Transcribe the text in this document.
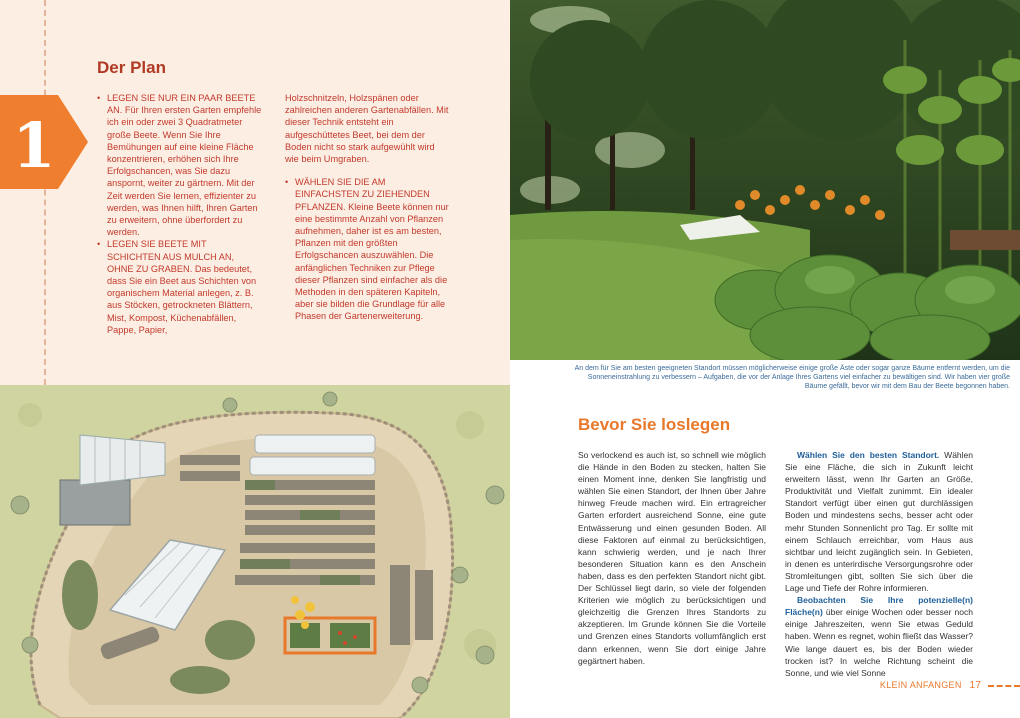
1
Der Plan

• LEGEN SIE NUR EIN PAAR BEETE AN. Für Ihren ersten Garten empfehle ich ein oder zwei 3 Quadratmeter große Beete. Wenn Sie Ihre Bemühungen auf eine kleine Fläche konzentrieren, erhöhen sich Ihre Erfolgschancen, was Sie dazu anspornt, weiter zu gärtnern. Mit der Zeit werden Sie lernen, effizienter zu werden, was Ihnen hilft, Ihren Garten zu erweitern, ohne überfordert zu werden.

• LEGEN SIE BEETE MIT SCHICHTEN AUS MULCH AN, OHNE ZU GRABEN. Das bedeutet, dass Sie ein Beet aus Schichten von organischem Material anlegen, z. B. aus Stöcken, getrockneten Blättern, Mist, Kompost, Küchenabfällen, Pappe, Papier,

Holzschnitzeln, Holzspänen oder zahlreichen anderen Gartenabfällen. Mit dieser Technik entsteht ein aufgeschüttetes Beet, bei dem der Boden nicht so stark aufgewühlt wird wie beim Umgraben.

• WÄHLEN SIE DIE AM EINFACHSTEN ZU ZIEHENDEN PFLANZEN. Kleine Beete können nur eine bestimmte Anzahl von Pflanzen aufnehmen, daher ist es am besten, Pflanzen mit den größten Erfolgschancen auszuwählen. Die anfänglichen Techniken zur Pflege dieser Pflanzen sind einfacher als die Methoden in den späteren Kapiteln, aber sie bilden die Grundlage für alle Phasen der Gartenerweiterung.

An dem für Sie am besten geeigneten Standort müssen möglicherweise einige große Äste oder sogar ganze Bäume entfernt werden, um die Sonneneinstrahlung zu verbessern – Aufgaben, die vor der Anlage Ihres Gartens viel einfacher zu bewältigen sind. Wir haben vier große Bäume gefällt, bevor wir mit dem Bau der Beete begonnen haben.
Bevor Sie loslegen

So verlockend es auch ist, so schnell wie möglich die Hände in den Boden zu stecken, halten Sie einen Moment inne, denken Sie langfristig und wählen Sie einen Standort, der Ihnen über Jahre hinweg Freude machen wird. Ein ertragreicher Garten erfordert ausreichend Sonne, eine gute Entwässerung und einen gesunden Boden. All diese Faktoren auf einmal zu berücksichtigen, kann schwierig werden, und je nach Ihrer besonderen Situation kann es den Anschein haben, dass es den perfekten Standort nicht gibt. Der Schlüssel liegt darin, so viele der folgenden Kriterien wie möglich zu berücksichtigen und gleichzeitig die Grenzen Ihres Standorts zu akzeptieren. Im Grunde können Sie die Vorteile und Grenzen eines Standorts vollumfänglich erst dann erkennen, wenn Sie dort einige Jahre gegärtnert haben.

Wählen Sie den besten Standort. Wählen Sie eine Fläche, die sich in Zukunft leicht erweitern lässt, wenn Ihr Garten an Größe, Produktivität und Vielfalt zunimmt. Ein idealer Standort verfügt über einen gut durchlässigen Boden und mindestens sechs, besser acht oder mehr Stunden Sonnenlicht pro Tag. Er sollte mit einem Schlauch erreichbar, vom Haus aus sichtbar und leicht zugänglich sein. In Gebieten, in denen es unterirdische Versorgungsrohre oder Stromleitungen gibt, sollten Sie sich über die Lage und Tiefe der Rohre informieren.

Beobachten Sie Ihre potenzielle(n) Fläche(n) über einige Wochen oder besser noch einige Jahreszeiten, wenn Sie etwas Geduld haben. Wenn es regnet, wohin fließt das Wasser? Wie lange dauert es, bis der Boden wieder trocken ist? In welche Richtung scheint die Sonne, und wie viel Sonne

KLEIN ANFANGEN 17
